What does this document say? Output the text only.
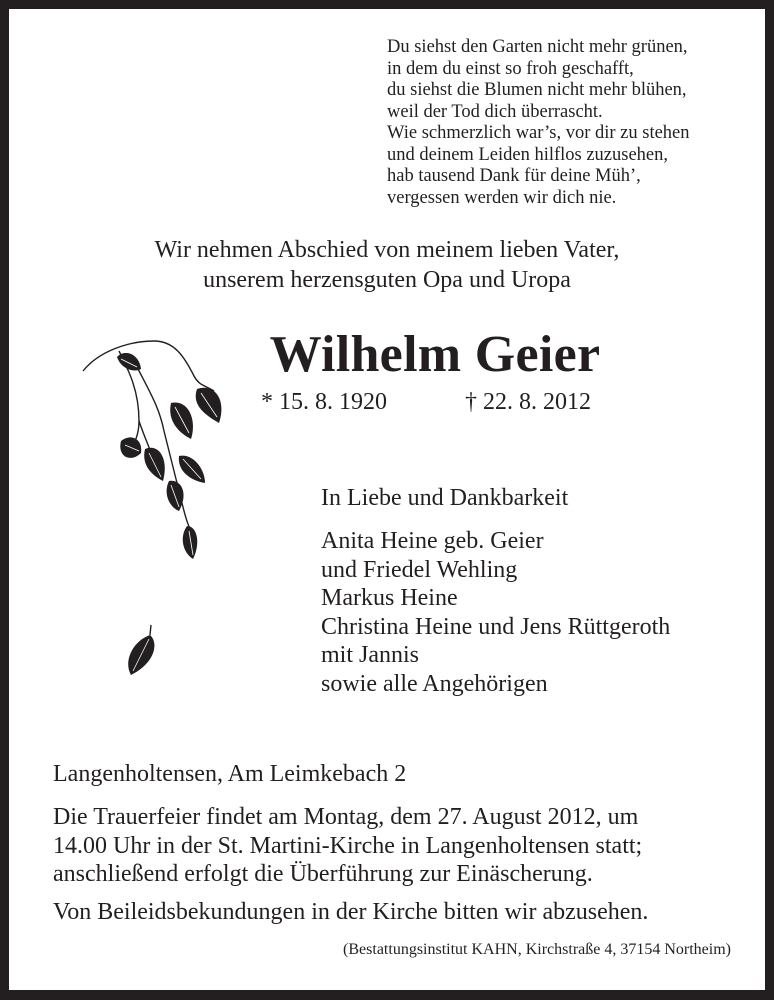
Du siehst den Garten nicht mehr grünen,
in dem du einst so froh geschafft,
du siehst die Blumen nicht mehr blühen,
weil der Tod dich überrascht.
Wie schmerzlich war’s, vor dir zu stehen
und deinem Leiden hilflos zuzusehen,
hab tausend Dank für deine Müh’,
vergessen werden wir dich nie.
Wir nehmen Abschied von meinem lieben Vater,
unserem herzensguten Opa und Uropa
Wilhelm Geier
* 15. 8. 1920	† 22. 8. 2012
In Liebe und Dankbarkeit
Anita Heine geb. Geier
und Friedel Wehling
Markus Heine
Christina Heine und Jens Rüttgeroth
mit Jannis
sowie alle Angehörigen
Langenholtensen, Am Leimkebach 2
Die Trauerfeier findet am Montag, dem 27. August 2012, um
14.00 Uhr in der St. Martini-Kirche in Langenholtensen statt;
anschließend erfolgt die Überführung zur Einäscherung.
Von Beileidsbekundungen in der Kirche bitten wir abzusehen.
(Bestattungsinstitut KAHN, Kirchstraße 4, 37154 Northeim)
